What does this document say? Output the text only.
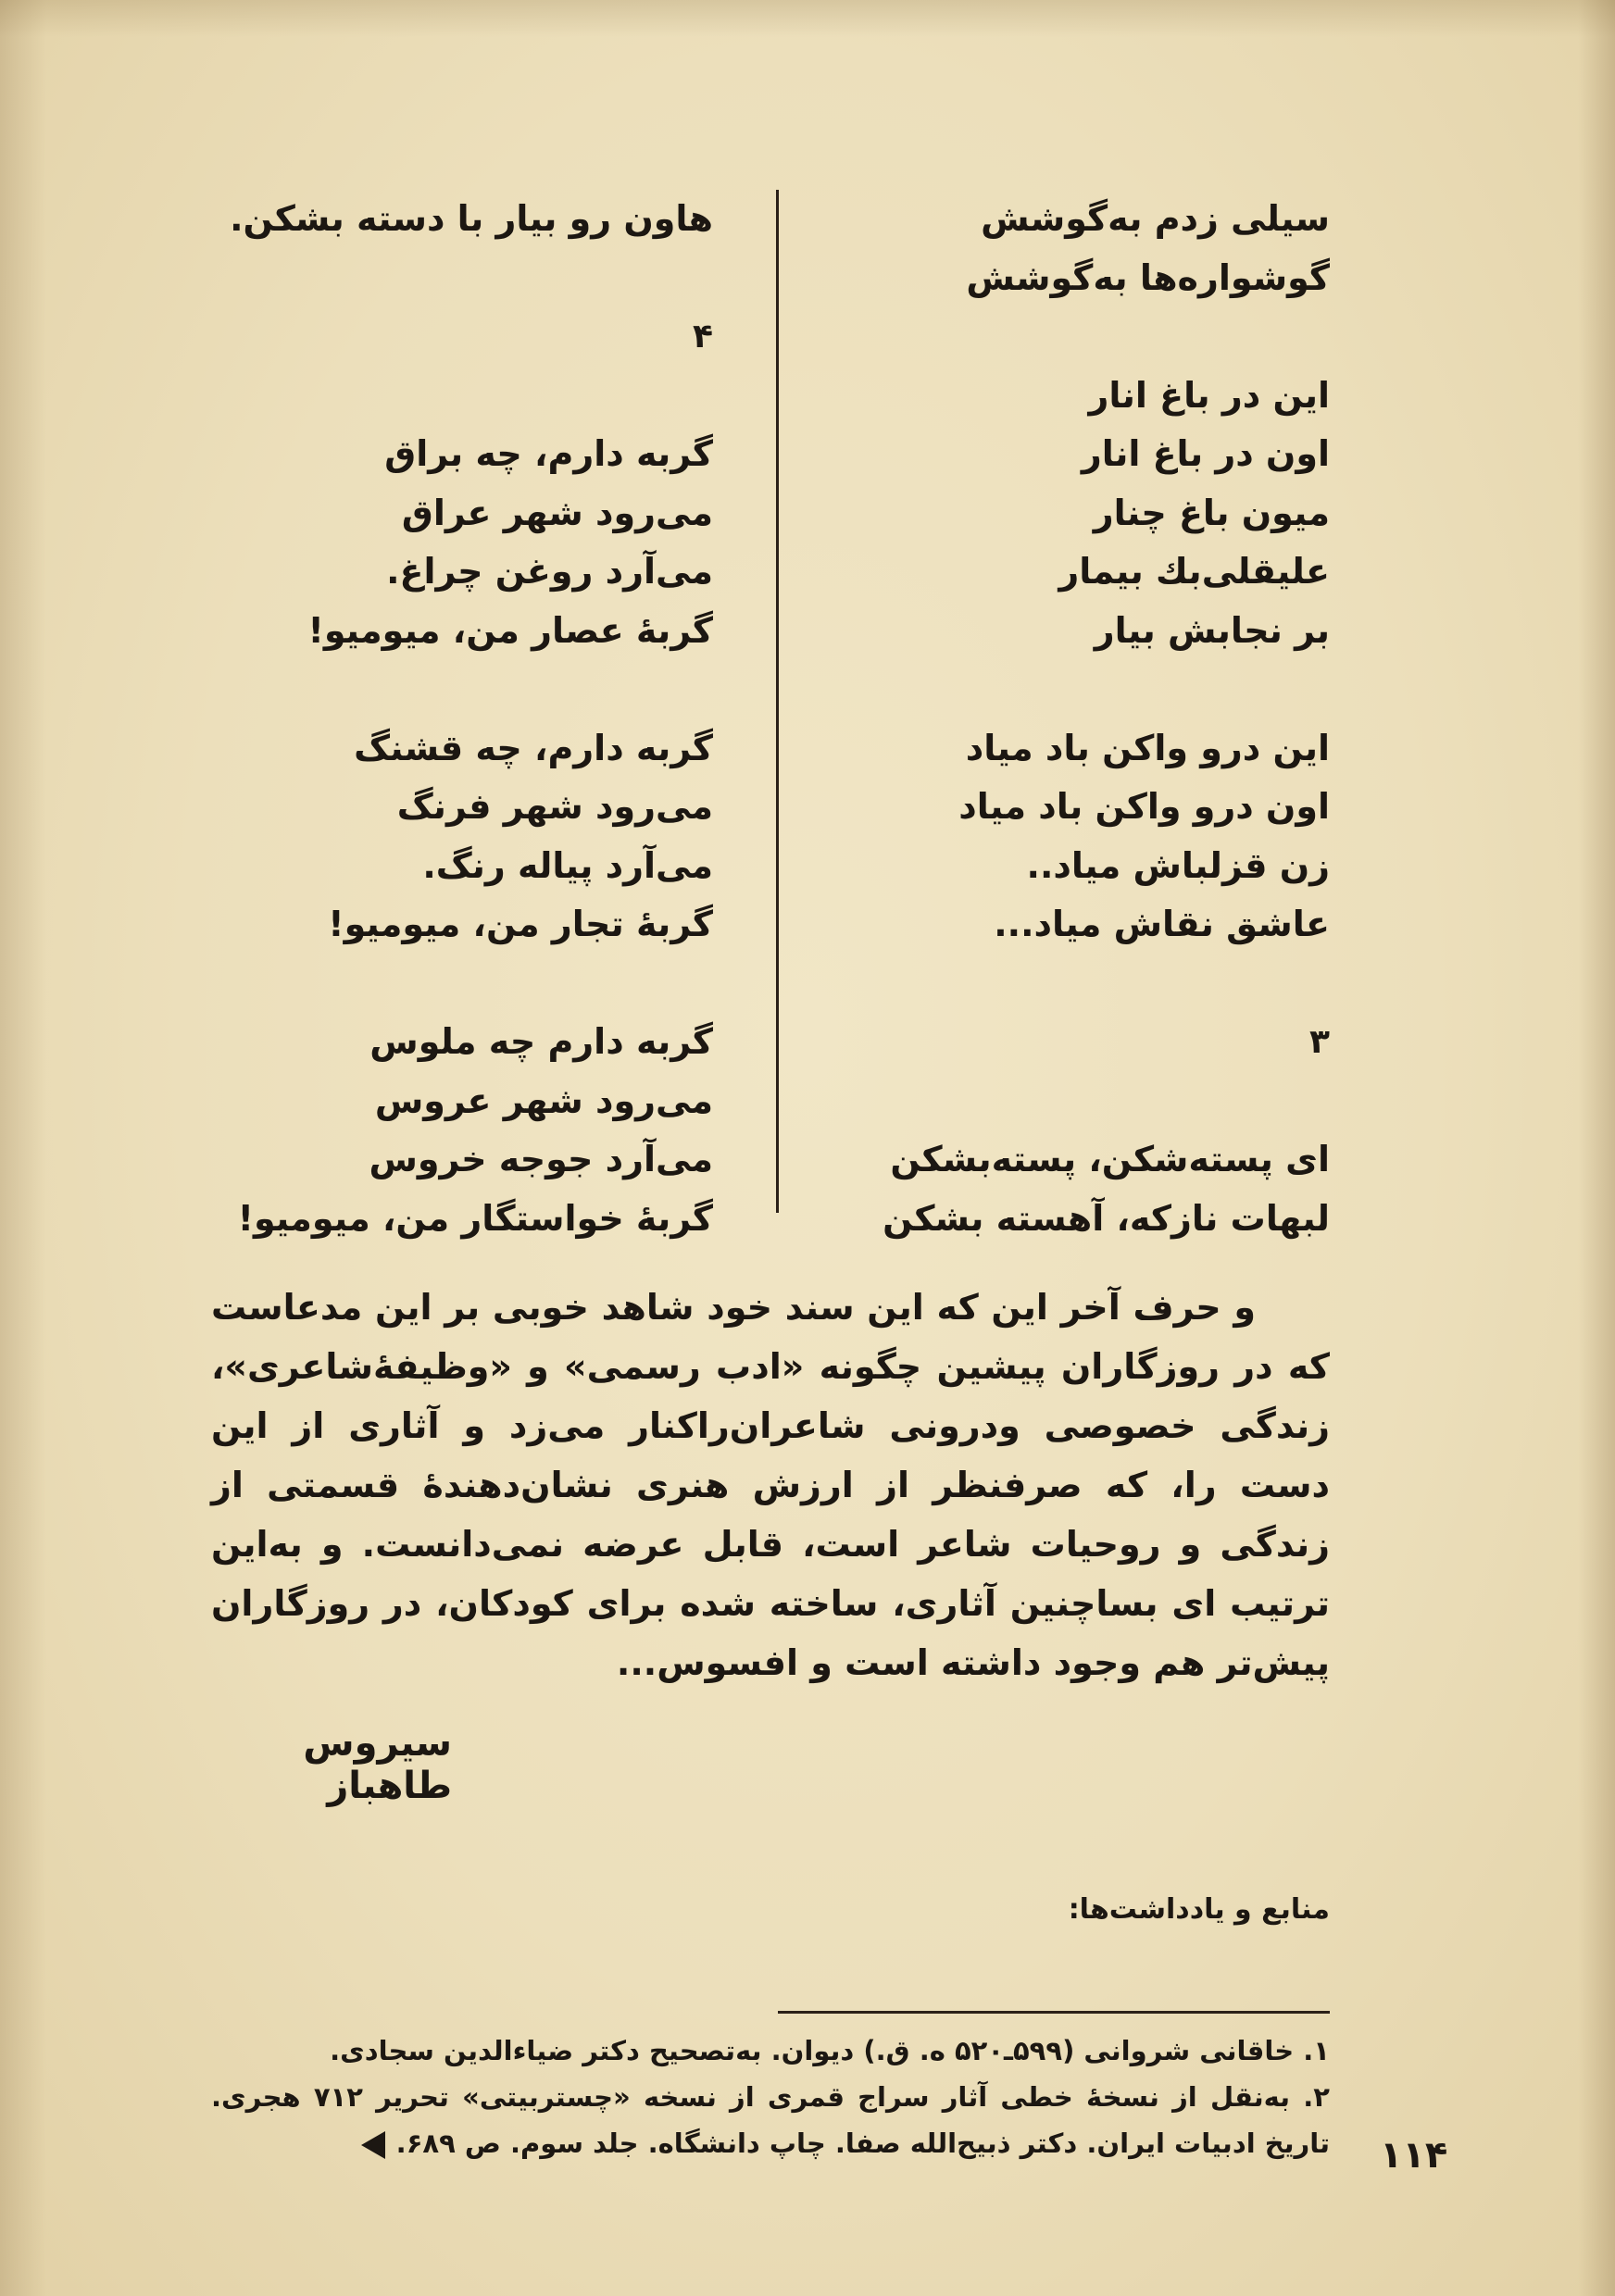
سیلی زدم به‌گوشش
گوشواره‌ها به‌گوشش
این در باغ انار
اون در باغ انار
میون باغ چنار
علیقلی‌بك بیمار
بر نجابش بیار
این درو واکن باد میاد
اون درو واکن باد میاد
زن قزلباش میاد..
عاشق نقاش میاد...
۳
ای پسته‌شکن، پسته‌بشکن
لبهات نازکه، آهسته بشکن
هاون رو بیار با دسته بشکن.
۴
گربه دارم، چه براق
می‌رود شهر عراق
می‌آرد روغن چراغ.
گربهٔ عصار من، میومیو!
گربه دارم، چه قشنگ
می‌رود شهر فرنگ
می‌آرد پیاله رنگ.
گربهٔ تجار من، میومیو!
گربه دارم چه ملوس
می‌رود شهر عروس
می‌آرد جوجه خروس
گربهٔ خواستگار من، میومیو!
و حرف آخر این که این سند خود شاهد خوبی بر این مدعاست که در روزگاران پیشین چگونه «ادب رسمی» و «وظیفهٔ‌شاعری»، زندگی خصوصی ودرونی شاعران‌راکنار می‌زد و آثاری از این دست را، که صرفنظر از ارزش هنری نشان‌دهندهٔ قسمتی از زندگی و روحیات شاعر است، قابل عرضه نمی‌دانست. و به‌این ترتیب ای بساچنین آثاری، ساخته شده برای کودکان، در روزگاران پیش‌تر هم وجود داشته است و افسوس...
سیروس طاهباز
منابع و یادداشت‌ها:
۱. خاقانی شروانی (۵۹۹ـ۵۲۰ ه. ق.) دیوان. به‌تصحیح دکتر ضیاءالدین سجادی.
۲. به‌نقل از نسخهٔ خطی آثار سراج قمری از نسخه «چستربیتی» تحریر ۷۱۲ هجری. تاریخ ادبیات ایران. دکتر ذبیح‌الله صفا. چاپ دانشگاه. جلد سوم. ص ۶۸۹. ۱۱۴
